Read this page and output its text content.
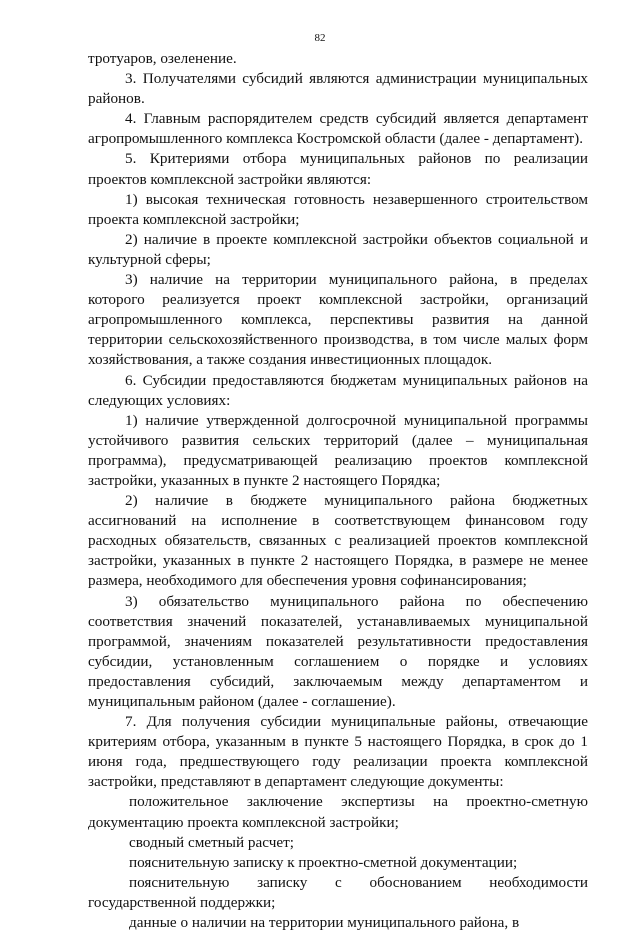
82

тротуаров, озеленение.

3. Получателями субсидий являются администрации муниципальных районов.

4. Главным распорядителем средств субсидий является департамент агропромышленного комплекса Костромской области (далее - департамент).

5. Критериями отбора муниципальных районов по реализации проектов комплексной застройки являются:

1) высокая техническая готовность незавершенного строительством проекта комплексной застройки;

2) наличие в проекте комплексной застройки объектов социальной и культурной сферы;

3) наличие на территории муниципального района, в пределах которого реализуется проект комплексной застройки, организаций агропромышленного комплекса, перспективы развития на данной территории сельскохозяйственного производства, в том числе малых форм хозяйствования, а также создания инвестиционных площадок.

6. Субсидии предоставляются бюджетам муниципальных районов на следующих условиях:

1) наличие утвержденной долгосрочной муниципальной программы устойчивого развития сельских территорий (далее – муниципальная программа), предусматривающей реализацию проектов комплексной застройки, указанных в пункте 2 настоящего Порядка;

2) наличие в бюджете муниципального района бюджетных ассигнований на исполнение в соответствующем финансовом году расходных обязательств, связанных с реализацией проектов комплексной застройки, указанных в пункте 2 настоящего Порядка, в размере не менее размера, необходимого для обеспечения уровня софинансирования;

3) обязательство муниципального района по обеспечению соответствия значений показателей, устанавливаемых муниципальной программой, значениям показателей результативности предоставления субсидии, установленным соглашением о порядке и условиях предоставления субсидий, заключаемым между департаментом и муниципальным районом (далее - соглашение).

7. Для получения субсидии муниципальные районы, отвечающие критериям отбора, указанным в пункте 5 настоящего Порядка, в срок до 1 июня года, предшествующего году реализации проекта комплексной застройки, представляют в департамент следующие документы:

положительное заключение экспертизы на проектно-сметную документацию проекта комплексной застройки;

сводный сметный расчет;

пояснительную записку к проектно-сметной документации;

пояснительную записку с обоснованием необходимости государственной поддержки;

данные о наличии на территории муниципального района, в
